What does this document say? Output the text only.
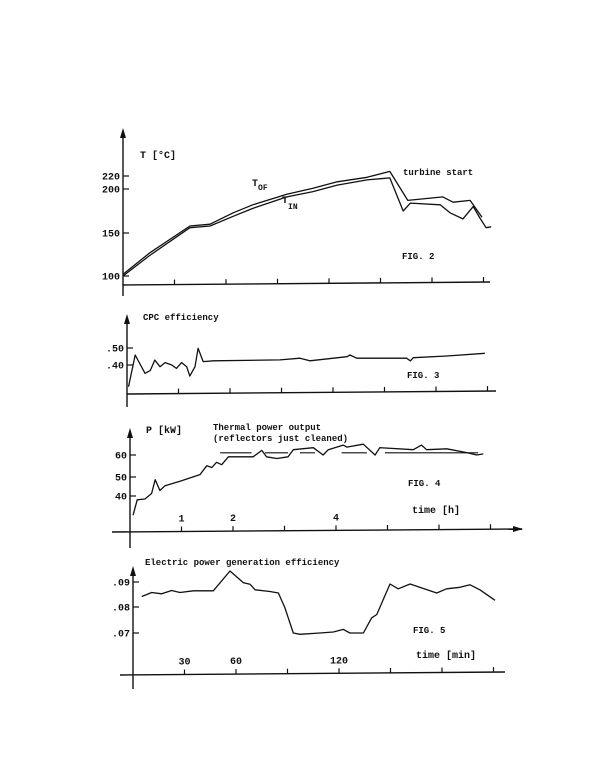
T [°C]
turbine start
$T_{OF}$
$T_{IN}$
FIG. 2
CPC efficiency
FIG. 3
P [kW]	Thermal power output
(reflectors just cleaned)
FIG. 4
time [h]
Electric power generation efficiency
FIG. 5
time [min]
100
150
200
220
.40
.50
1	2	4
40
50
60
30	60	120
.07
.08
.09
